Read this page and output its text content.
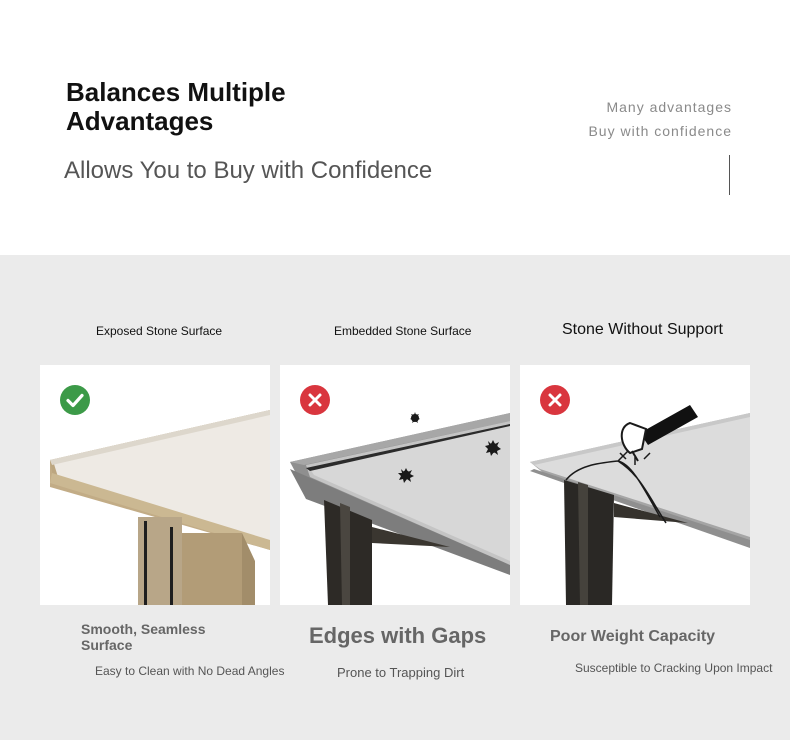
Balances Multiple Advantages
Allows You to Buy with Confidence
Many advantages
Buy with confidence
Exposed Stone Surface	Embedded Stone Surface	Stone Without Support
Smooth, Seamless Surface	Edges with Gaps	Poor Weight Capacity
Easy to Clean with No Dead Angles	Prone to Trapping Dirt	Susceptible to Cracking Upon Impact
